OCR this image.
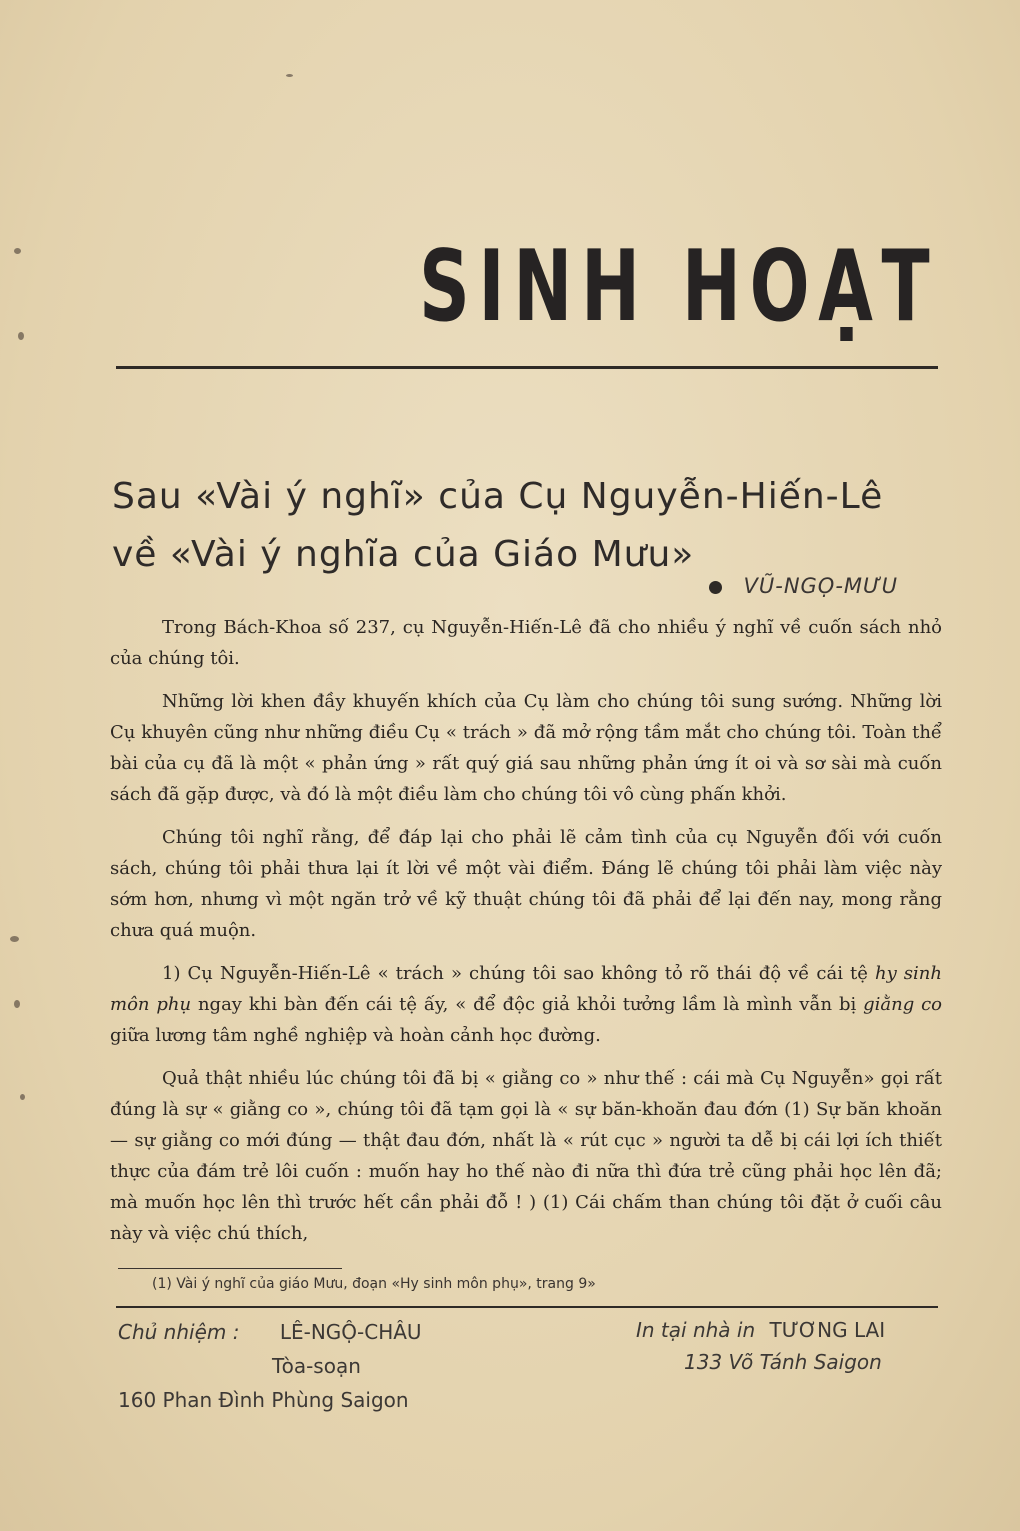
SINH HOẠT
Sau «Vài ý nghĩ» của Cụ Nguyễn-Hiến-Lê
về «Vài ý nghĩa của Giáo Mưu»
VŨ-NGỌ-MƯU

Trong Bách-Khoa số 237, cụ Nguyễn-Hiến-Lê đã cho nhiều ý nghĩ về cuốn sách nhỏ của chúng tôi.

Những lời khen đầy khuyến khích của Cụ làm cho chúng tôi sung sướng. Những lời Cụ khuyên cũng như những điều Cụ « trách » đã mở rộng tầm mắt cho chúng tôi. Toàn thể bài của cụ đã là một « phản ứng » rất quý giá sau những phản ứng ít oi và sơ sài mà cuốn sách đã gặp được, và đó là một điều làm cho chúng tôi vô cùng phấn khởi.

Chúng tôi nghĩ rằng, để đáp lại cho phải lẽ cảm tình của cụ Nguyễn đối với cuốn sách, chúng tôi phải thưa lại ít lời về một vài điểm. Đáng lẽ chúng tôi phải làm việc này sớm hơn, nhưng vì một ngăn trở về kỹ thuật chúng tôi đã phải để lại đến nay, mong rằng chưa quá muộn.

1) Cụ Nguyễn-Hiến-Lê « trách » chúng tôi sao không tỏ rõ thái độ về cái tệ hy sinh môn phụ ngay khi bàn đến cái tệ ấy, « để độc giả khỏi tưởng lầm là mình vẫn bị giằng co giữa lương tâm nghề nghiệp và hoàn cảnh học đường.

Quả thật nhiều lúc chúng tôi đã bị « giằng co » như thế : cái mà Cụ Nguyễn» gọi rất đúng là sự « giằng co », chúng tôi đã tạm gọi là « sự băn-khoăn đau đớn (1) Sự băn khoăn — sự giằng co mới đúng — thật đau đớn, nhất là « rút cục » người ta dễ bị cái lợi ích thiết thực của đám trẻ lôi cuốn : muốn hay ho thế nào đi nữa thì đứa trẻ cũng phải học lên đã; mà muốn học lên thì trước hết cần phải đỗ ! ) (1) Cái chấm than chúng tôi đặt ở cuối câu này và việc chú thích,

(1) Vài ý nghĩ của giáo Mưu, đoạn «Hy sinh môn phụ», trang 9»
Chủ nhiệm : LÊ-NGỘ-CHÂU
Tòa-soạn
160 Phan Đình Phùng Saigon
In tại nhà in TƯƠNG LAI
133 Võ Tánh Saigon
